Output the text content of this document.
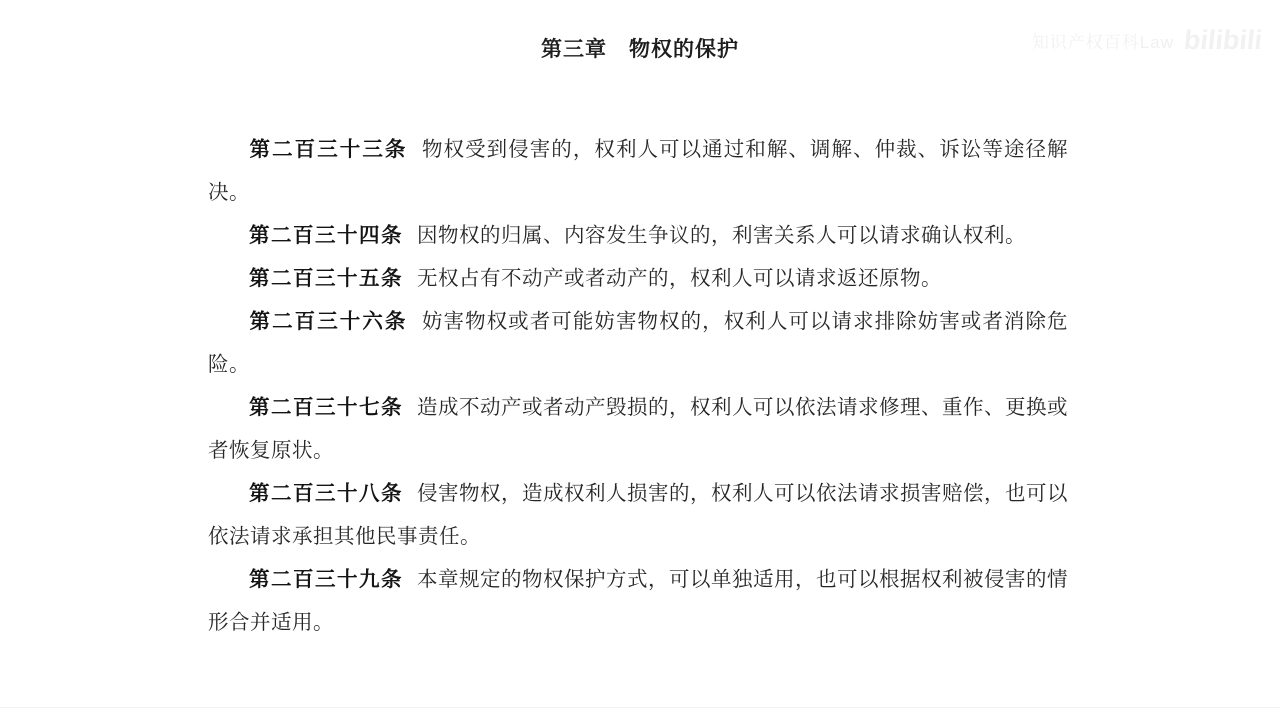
第三章　物权的保护

第二百三十三条 物权受到侵害的，权利人可以通过和解、调解、仲裁、诉讼等途径解决。

第二百三十四条 因物权的归属、内容发生争议的，利害关系人可以请求确认权利。

第二百三十五条 无权占有不动产或者动产的，权利人可以请求返还原物。

第二百三十六条 妨害物权或者可能妨害物权的，权利人可以请求排除妨害或者消除危险。

第二百三十七条 造成不动产或者动产毁损的，权利人可以依法请求修理、重作、更换或者恢复原状。

第二百三十八条 侵害物权，造成权利人损害的，权利人可以依法请求损害赔偿，也可以依法请求承担其他民事责任。

第二百三十九条 本章规定的物权保护方式，可以单独适用，也可以根据权利被侵害的情形合并适用。

知识产权百科Law bilibili
